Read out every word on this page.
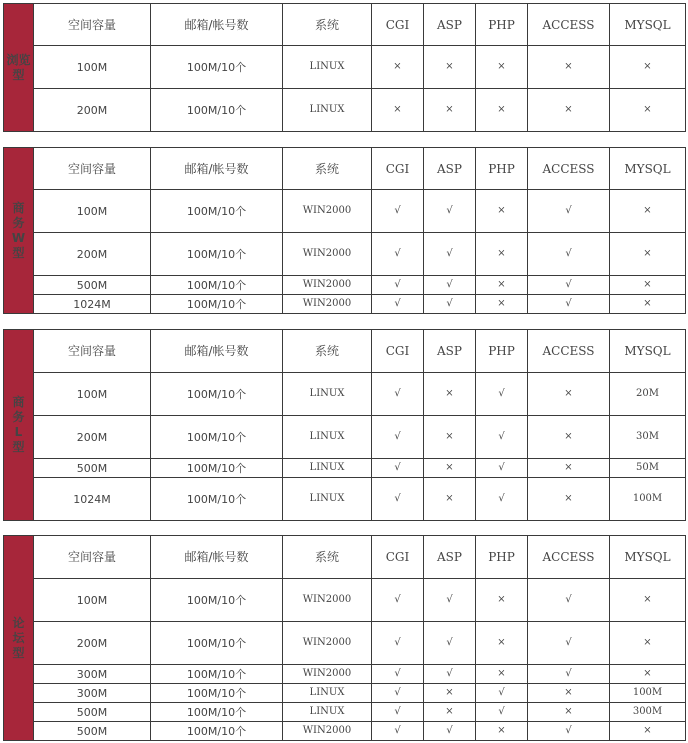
浏览
型	空间容量	邮箱/帐号数	系统	CGI	ASP	PHP	ACCESS	MYSQL
	100M	100M/10个	LINUX	×	×	×	×	×
	200M	100M/10个	LINUX	×	×	×	×	×
商
务
W
型	空间容量	邮箱/帐号数	系统	CGI	ASP	PHP	ACCESS	MYSQL
	100M	100M/10个	WIN2000	√	√	×	√	×
	200M	100M/10个	WIN2000	√	√	×	√	×
	500M	100M/10个	WIN2000	√	√	×	√	×
	1024M	100M/10个	WIN2000	√	√	×	√	×
商
务
L
型	空间容量	邮箱/帐号数	系统	CGI	ASP	PHP	ACCESS	MYSQL
	100M	100M/10个	LINUX	√	×	√	×	20M
	200M	100M/10个	LINUX	√	×	√	×	30M
	500M	100M/10个	LINUX	√	×	√	×	50M
	1024M	100M/10个	LINUX	√	×	√	×	100M
论
坛
型	空间容量	邮箱/帐号数	系统	CGI	ASP	PHP	ACCESS	MYSQL
	100M	100M/10个	WIN2000	√	√	×	√	×
	200M	100M/10个	WIN2000	√	√	×	√	×
	300M	100M/10个	WIN2000	√	√	×	√	×
	300M	100M/10个	LINUX	√	×	√	×	100M
	500M	100M/10个	LINUX	√	×	√	×	300M
	500M	100M/10个	WIN2000	√	√	×	√	×
